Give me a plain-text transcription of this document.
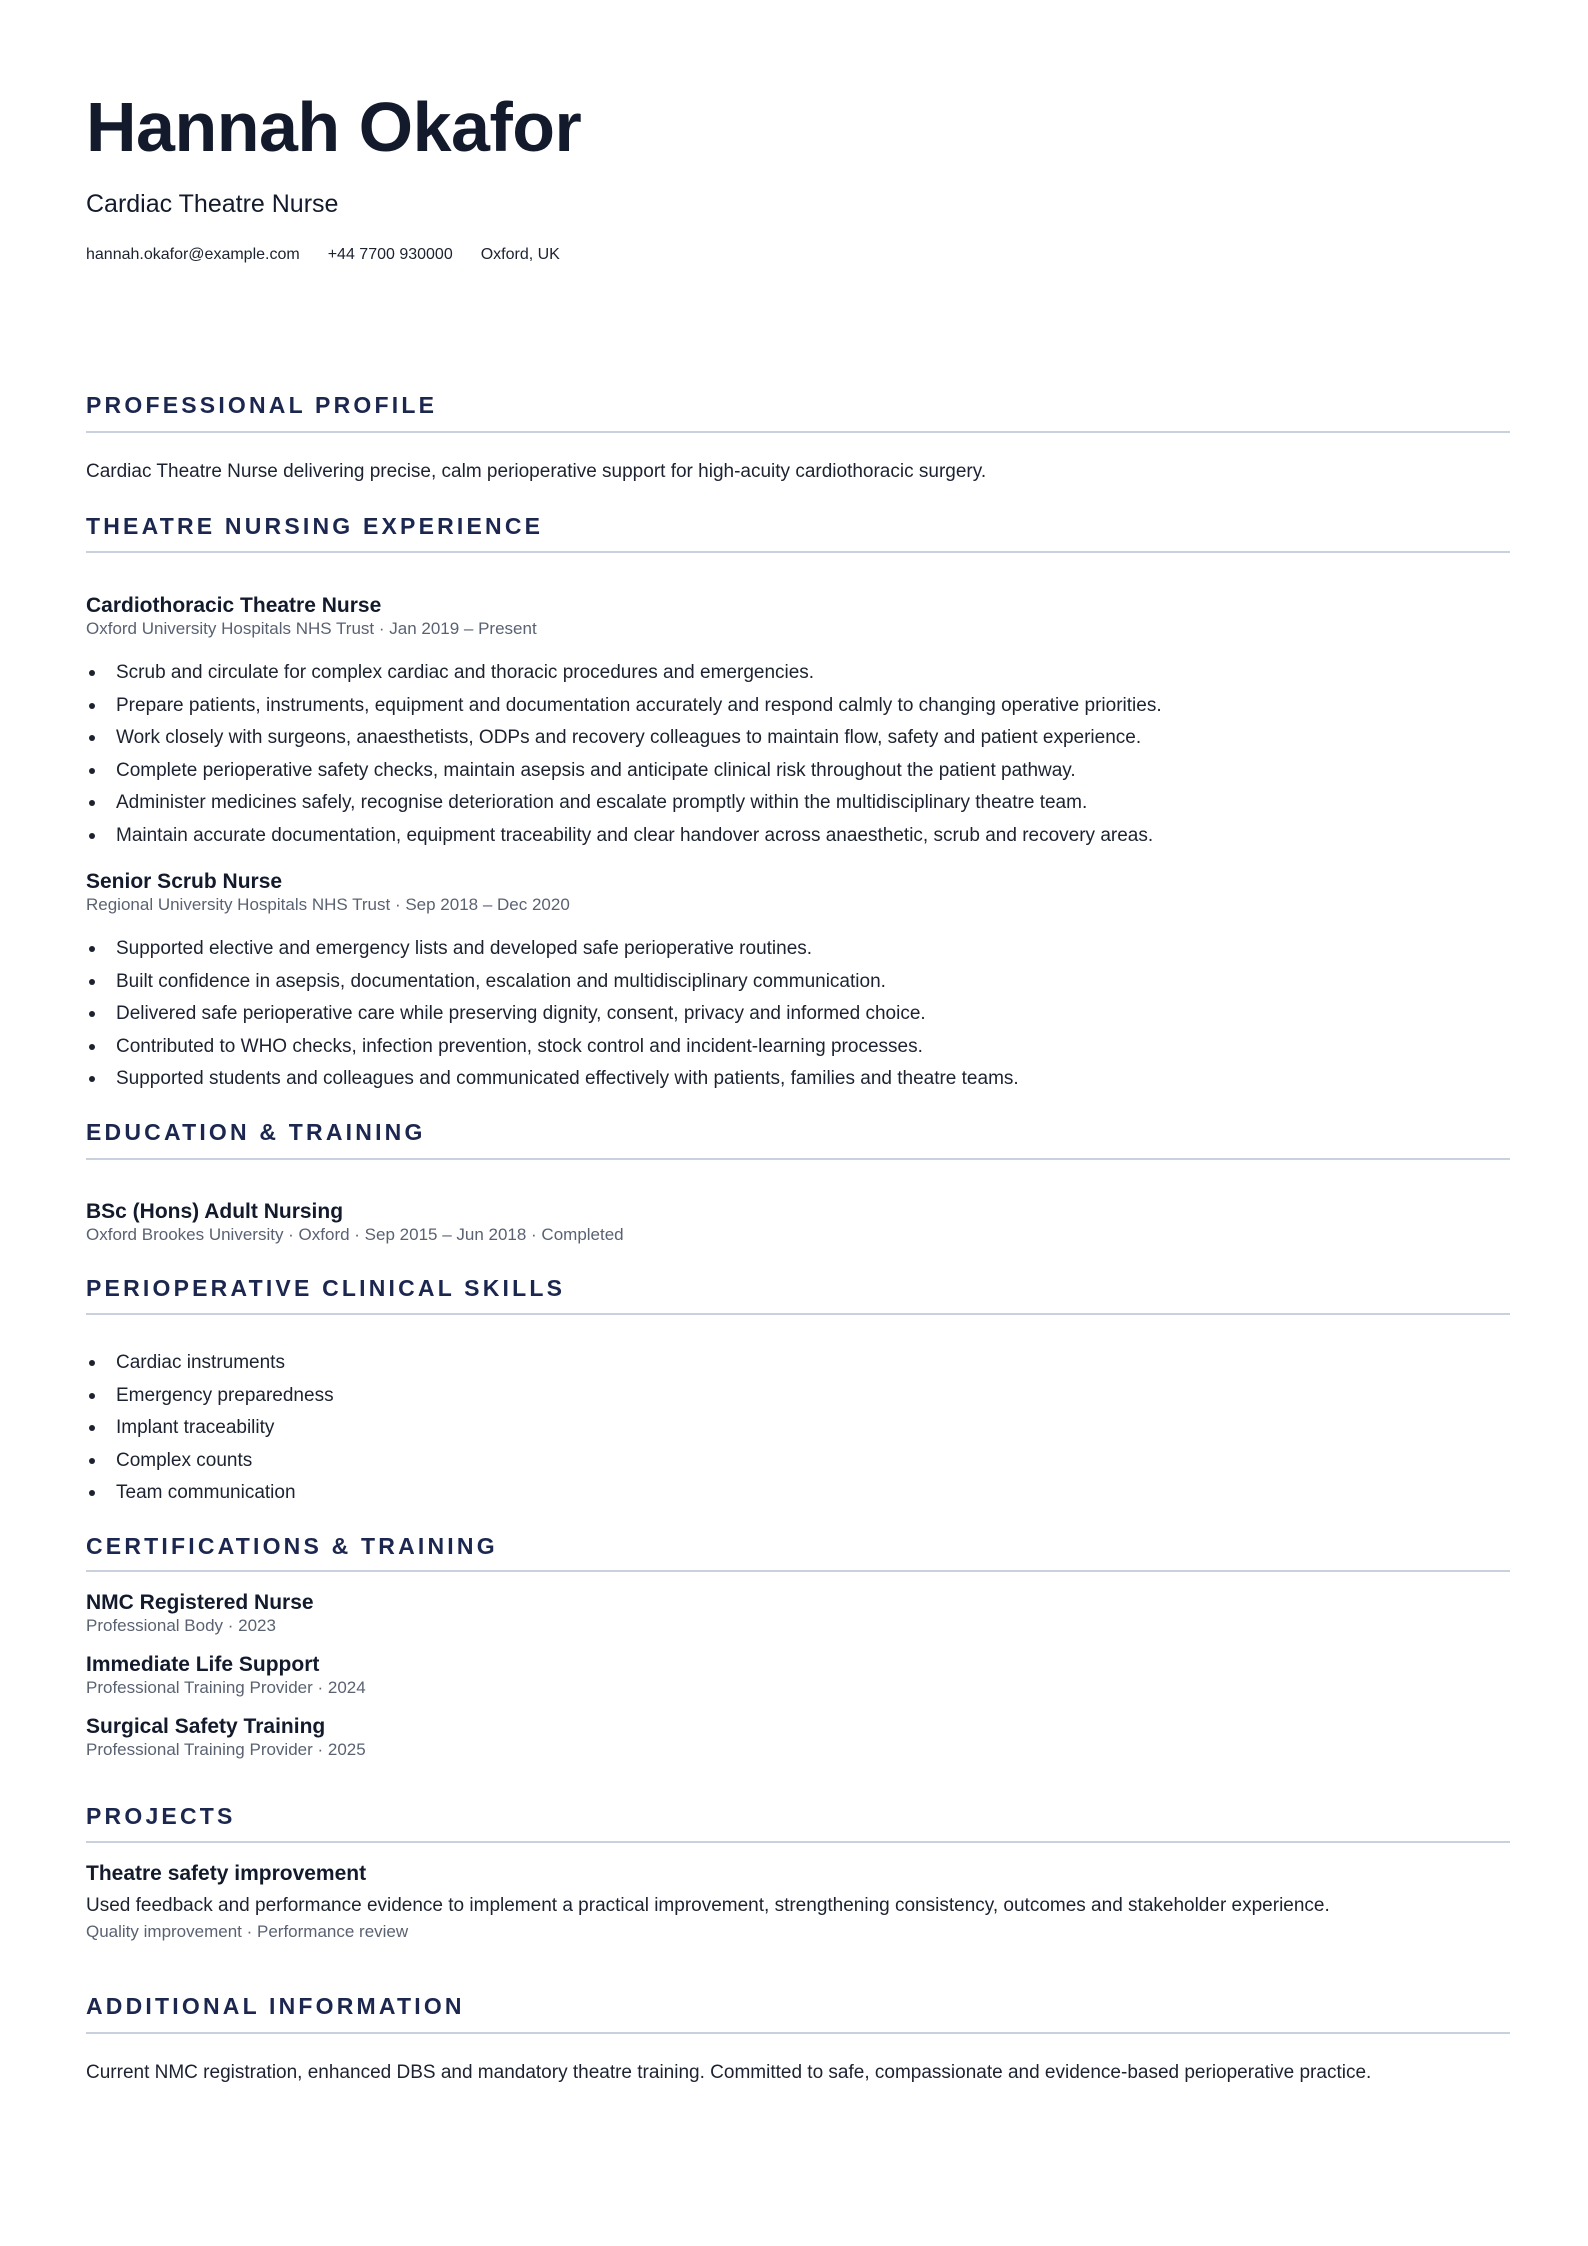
Hannah Okafor
Cardiac Theatre Nurse
hannah.okafor@example.com +44 7700 930000 Oxford, UK
PROFESSIONAL PROFILE
Cardiac Theatre Nurse delivering precise, calm perioperative support for high-acuity cardiothoracic surgery.
THEATRE NURSING EXPERIENCE
Cardiothoracic Theatre Nurse
Oxford University Hospitals NHS Trust · Jan 2019 – Present
Scrub and circulate for complex cardiac and thoracic procedures and emergencies.
Prepare patients, instruments, equipment and documentation accurately and respond calmly to changing operative priorities.
Work closely with surgeons, anaesthetists, ODPs and recovery colleagues to maintain flow, safety and patient experience.
Complete perioperative safety checks, maintain asepsis and anticipate clinical risk throughout the patient pathway.
Administer medicines safely, recognise deterioration and escalate promptly within the multidisciplinary theatre team.
Maintain accurate documentation, equipment traceability and clear handover across anaesthetic, scrub and recovery areas.
Senior Scrub Nurse
Regional University Hospitals NHS Trust · Sep 2018 – Dec 2020
Supported elective and emergency lists and developed safe perioperative routines.
Built confidence in asepsis, documentation, escalation and multidisciplinary communication.
Delivered safe perioperative care while preserving dignity, consent, privacy and informed choice.
Contributed to WHO checks, infection prevention, stock control and incident-learning processes.
Supported students and colleagues and communicated effectively with patients, families and theatre teams.
EDUCATION & TRAINING
BSc (Hons) Adult Nursing
Oxford Brookes University · Oxford · Sep 2015 – Jun 2018 · Completed
PERIOPERATIVE CLINICAL SKILLS
Cardiac instruments
Emergency preparedness
Implant traceability
Complex counts
Team communication
CERTIFICATIONS & TRAINING
NMC Registered Nurse
Professional Body · 2023
Immediate Life Support
Professional Training Provider · 2024
Surgical Safety Training
Professional Training Provider · 2025
PROJECTS
Theatre safety improvement
Used feedback and performance evidence to implement a practical improvement, strengthening consistency, outcomes and stakeholder experience.
Quality improvement · Performance review
ADDITIONAL INFORMATION
Current NMC registration, enhanced DBS and mandatory theatre training. Committed to safe, compassionate and evidence-based perioperative practice.
